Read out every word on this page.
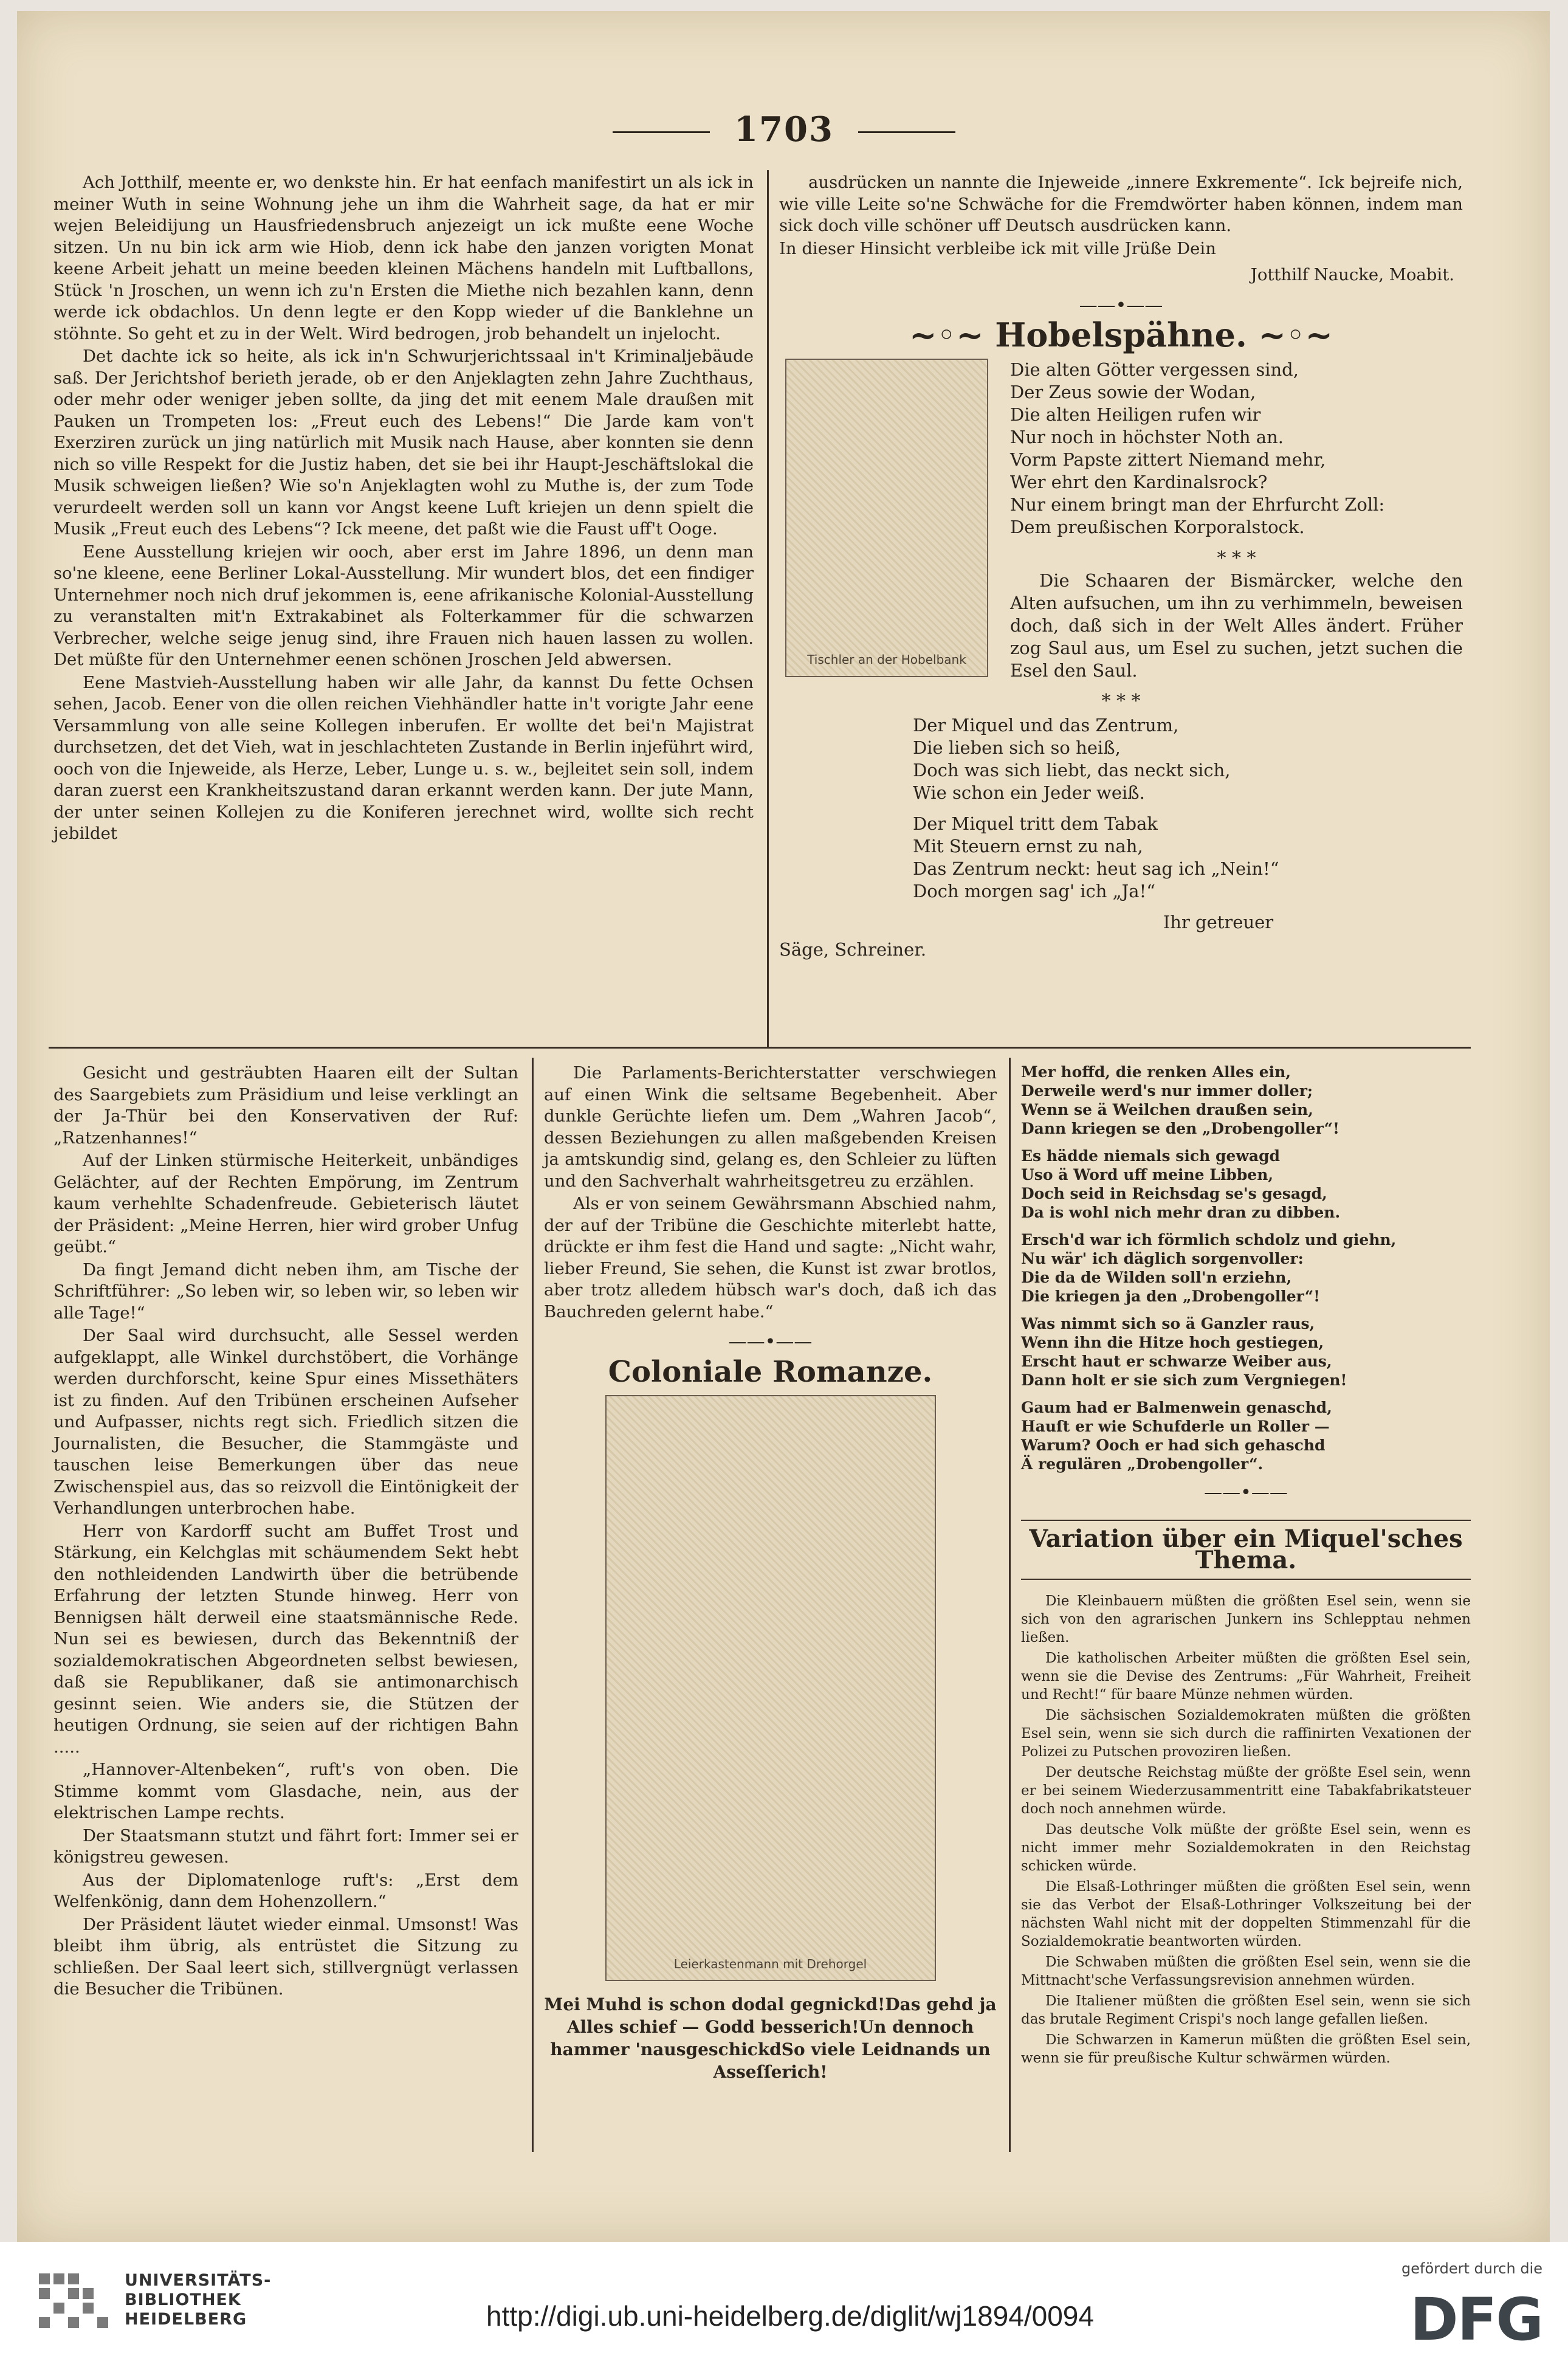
1703

Ach Jotthilf, meente er, wo denkste hin. Er hat eenfach manifestirt un als ick in meiner Wuth in seine Wohnung jehe un ihm die Wahrheit sage, da hat er mir wejen Beleidijung un Hausfriedensbruch anjezeigt un ick mußte eene Woche sitzen. Un nu bin ick arm wie Hiob, denn ick habe den janzen vorigten Monat keene Arbeit jehatt un meine beeden kleinen Mächens handeln mit Luftballons, Stück 'n Jroschen, un wenn ich zu'n Ersten die Miethe nich bezahlen kann, denn werde ick obdachlos. Un denn legte er den Kopp wieder uf die Banklehne un stöhnte. So geht et zu in der Welt. Wird bedrogen, jrob behandelt un injelocht.

Det dachte ick so heite, als ick in'n Schwurjerichtssaal in't Kriminaljebäude saß. Der Jerichtshof berieth jerade, ob er den Anjeklagten zehn Jahre Zuchthaus, oder mehr oder weniger jeben sollte, da jing det mit eenem Male draußen mit Pauken un Trompeten los: „Freut euch des Lebens!“ Die Jarde kam von't Exerziren zurück un jing natürlich mit Musik nach Hause, aber konnten sie denn nich so ville Respekt for die Justiz haben, det sie bei ihr Haupt-Jeschäftslokal die Musik schweigen ließen? Wie so'n Anjeklagten wohl zu Muthe is, der zum Tode verurdeelt werden soll un kann vor Angst keene Luft kriejen un denn spielt die Musik „Freut euch des Lebens“? Ick meene, det paßt wie die Faust uff't Ooge.

Eene Ausstellung kriejen wir ooch, aber erst im Jahre 1896, un denn man so'ne kleene, eene Berliner Lokal-Ausstellung. Mir wundert blos, det een findiger Unternehmer noch nich druf jekommen is, eene afrikanische Kolonial-Ausstellung zu veranstalten mit'n Extrakabinet als Folterkammer für die schwarzen Verbrecher, welche seige jenug sind, ihre Frauen nich hauen lassen zu wollen. Det müßte für den Unternehmer eenen schönen Jroschen Jeld abwersen.

Eene Mastvieh-Ausstellung haben wir alle Jahr, da kannst Du fette Ochsen sehen, Jacob. Eener von die ollen reichen Viehhändler hatte in't vorigte Jahr eene Versammlung von alle seine Kollegen inberufen. Er wollte det bei'n Majistrat durchsetzen, det det Vieh, wat in jeschlachteten Zustande in Berlin injeführt wird, ooch von die Injeweide, als Herze, Leber, Lunge u. s. w., bejleitet sein soll, indem daran zuerst een Krankheitszustand daran erkannt werden kann. Der jute Mann, der unter seinen Kollejen zu die Koniferen jerechnet wird, wollte sich recht jebildet

ausdrücken un nannte die Injeweide „innere Exkremente“. Ick bejreife nich, wie ville Leite so'ne Schwäche for die Fremdwörter haben können, indem man sick doch ville schöner uff Deutsch ausdrücken kann.

In dieser Hinsicht verbleibe ick mit ville Jrüße Dein

Jotthilf Naucke, Moabit.
——•——
~◦~ Hobelspähne. ~◦~
Tischler an der Hobelbank
Die alten Götter vergessen sind,
Der Zeus sowie der Wodan,
Die alten Heiligen rufen wir
Nur noch in höchster Noth an.
Vorm Papste zittert Niemand mehr,
Wer ehrt den Kardinalsrock?
Nur einem bringt man der Ehrfurcht Zoll:
Dem preußischen Korporalstock.
* * *
Die Schaaren der Bismärcker, welche den Alten aufsuchen, um ihn zu verhimmeln, beweisen doch, daß sich in der Welt Alles ändert. Früher zog Saul aus, um Esel zu suchen, jetzt suchen die Esel den Saul.
* * *
Der Miquel und das Zentrum,
Die lieben sich so heiß,
Doch was sich liebt, das neckt sich,
Wie schon ein Jeder weiß.
Der Miquel tritt dem Tabak
Mit Steuern ernst zu nah,
Das Zentrum neckt: heut sag ich „Nein!“
Doch morgen sag' ich „Ja!“
Ihr getreuer
Säge, Schreiner.

Gesicht und gesträubten Haaren eilt der Sultan des Saargebiets zum Präsidium und leise verklingt an der Ja-Thür bei den Konservativen der Ruf: „Ratzenhannes!“

Auf der Linken stürmische Heiterkeit, unbändiges Gelächter, auf der Rechten Empörung, im Zentrum kaum verhehlte Schadenfreude. Gebieterisch läutet der Präsident: „Meine Herren, hier wird grober Unfug geübt.“

Da fingt Jemand dicht neben ihm, am Tische der Schriftführer: „So leben wir, so leben wir, so leben wir alle Tage!“

Der Saal wird durchsucht, alle Sessel werden aufgeklappt, alle Winkel durchstöbert, die Vorhänge werden durchforscht, keine Spur eines Missethäters ist zu finden. Auf den Tribünen erscheinen Aufseher und Aufpasser, nichts regt sich. Friedlich sitzen die Journalisten, die Besucher, die Stammgäste und tauschen leise Bemerkungen über das neue Zwischenspiel aus, das so reizvoll die Eintönigkeit der Verhandlungen unterbrochen habe.

Herr von Kardorff sucht am Buffet Trost und Stärkung, ein Kelchglas mit schäumendem Sekt hebt den nothleidenden Landwirth über die betrübende Erfahrung der letzten Stunde hinweg. Herr von Bennigsen hält derweil eine staatsmännische Rede. Nun sei es bewiesen, durch das Bekenntniß der sozialdemokratischen Abgeordneten selbst bewiesen, daß sie Republikaner, daß sie antimonarchisch gesinnt seien. Wie anders sie, die Stützen der heutigen Ordnung, sie seien auf der richtigen Bahn .....

„Hannover-Altenbeken“, ruft's von oben. Die Stimme kommt vom Glasdache, nein, aus der elektrischen Lampe rechts.

Der Staatsmann stutzt und fährt fort: Immer sei er königstreu gewesen.

Aus der Diplomatenloge ruft's: „Erst dem Welfenkönig, dann dem Hohenzollern.“

Der Präsident läutet wieder einmal. Umsonst! Was bleibt ihm übrig, als entrüstet die Sitzung zu schließen. Der Saal leert sich, stillvergnügt verlassen die Besucher die Tribünen.

Die Parlaments-Berichterstatter verschwiegen auf einen Wink die seltsame Begebenheit. Aber dunkle Gerüchte liefen um. Dem „Wahren Jacob“, dessen Beziehungen zu allen maßgebenden Kreisen ja amtskundig sind, gelang es, den Schleier zu lüften und den Sachverhalt wahrheitsgetreu zu erzählen.

Als er von seinem Gewährsmann Abschied nahm, der auf der Tribüne die Geschichte miterlebt hatte, drückte er ihm fest die Hand und sagte: „Nicht wahr, lieber Freund, Sie sehen, die Kunst ist zwar brotlos, aber trotz alledem hübsch war's doch, daß ich das Bauchreden gelernt habe.“

——•——
Coloniale Romanze.
Leierkastenmann mit Drehorgel
Mei Muhd is schon dodal gegnickd!Das gehd ja Alles schief — Godd besserich!Un dennoch hammer 'nausgeschickdSo viele Leidnands un Asseſſerich!
Mer hoffd, die renken Alles ein,
Derweile werd's nur immer doller;
Wenn se ä Weilchen draußen sein,
Dann kriegen se den „Drobengoller“!
Es hädde niemals sich gewagd
Uso ä Word uff meine Libben,
Doch seid in Reichsdag se's gesagd,
Da is wohl nich mehr dran zu dibben.
Ersch'd war ich förmlich schdolz und giehn,
Nu wär' ich däglich sorgenvoller:
Die da de Wilden soll'n erziehn,
Die kriegen ja den „Drobengoller“!
Was nimmt sich so ä Ganzler raus,
Wenn ihn die Hitze hoch gestiegen,
Erscht haut er schwarze Weiber aus,
Dann holt er sie sich zum Vergniegen!
Gaum had er Balmenwein genaschd,
Hauſt er wie Schufderle un Roller —
Warum? Ooch er had sich gehaschd
Ä regulären „Drobengoller“.
——•——
Variation über ein Miquel'sches Thema.

Die Kleinbauern müßten die größten Esel sein, wenn sie sich von den agrarischen Junkern ins Schlepptau nehmen ließen.

Die katholischen Arbeiter müßten die größten Esel sein, wenn sie die Devise des Zentrums: „Für Wahrheit, Freiheit und Recht!“ für baare Münze nehmen würden.

Die sächsischen Sozialdemokraten müßten die größten Esel sein, wenn sie sich durch die raffinirten Vexationen der Polizei zu Putschen provoziren ließen.

Der deutsche Reichstag müßte der größte Esel sein, wenn er bei seinem Wiederzusammentritt eine Tabakfabrikatsteuer doch noch annehmen würde.

Das deutsche Volk müßte der größte Esel sein, wenn es nicht immer mehr Sozialdemokraten in den Reichstag schicken würde.

Die Elsaß-Lothringer müßten die größten Esel sein, wenn sie das Verbot der Elsaß-Lothringer Volkszeitung bei der nächsten Wahl nicht mit der doppelten Stimmenzahl für die Sozialdemokratie beantworten würden.

Die Schwaben müßten die größten Esel sein, wenn sie die Mittnacht'sche Verfassungsrevision annehmen würden.

Die Italiener müßten die größten Esel sein, wenn sie sich das brutale Regiment Crispi's noch lange gefallen ließen.

Die Schwarzen in Kamerun müßten die größten Esel sein, wenn sie für preußische Kultur schwärmen würden.

UNIVERSITÄTS-
BIBLIOTHEK
HEIDELBERG	http://digi.ub.uni-heidelberg.de/diglit/wj1894/0094
gefördert durch die
DFG
